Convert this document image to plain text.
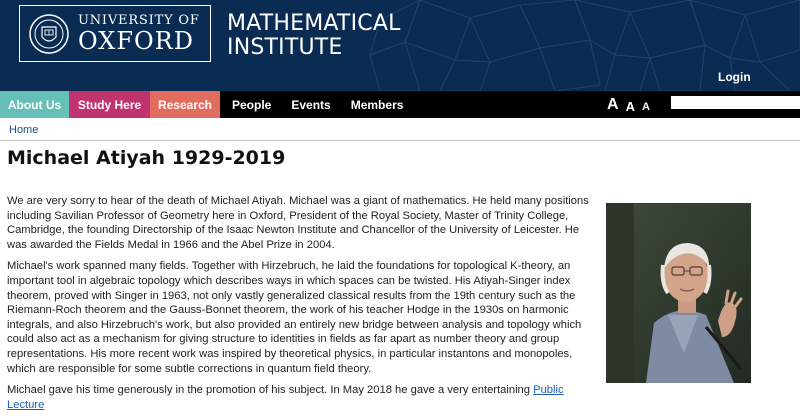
UNIVERSITY OF
OXFORD
MATHEMATICAL
INSTITUTE
Login
About Us	Study Here	Research	People	Events	Members	A A A
Home
Michael Atiyah 1929-2019

We are very sorry to hear of the death of Michael Atiyah. Michael was a giant of mathematics. He held many positions including Savilian Professor of Geometry here in Oxford, President of the Royal Society, Master of Trinity College, Cambridge, the founding Directorship of the Isaac Newton Institute and Chancellor of the University of Leicester. He was awarded the Fields Medal in 1966 and the Abel Prize in 2004.

Michael's work spanned many fields. Together with Hirzebruch, he laid the foundations for topological K-theory, an important tool in algebraic topology which describes ways in which spaces can be twisted. His Atiyah-Singer index theorem, proved with Singer in 1963, not only vastly generalized classical results from the 19th century such as the Riemann-Roch theorem and the Gauss-Bonnet theorem, the work of his teacher Hodge in the 1930s on harmonic integrals, and also Hirzebruch's work, but also provided an entirely new bridge between analysis and topology which could also act as a mechanism for giving structure to identities in fields as far apart as number theory and group representations. His more recent work was inspired by theoretical physics, in particular instantons and monopoles, which are responsible for some subtle corrections in quantum field theory.

Michael gave his time generously in the promotion of his subject. In May 2018 he gave a very entertaining Public Lecture
